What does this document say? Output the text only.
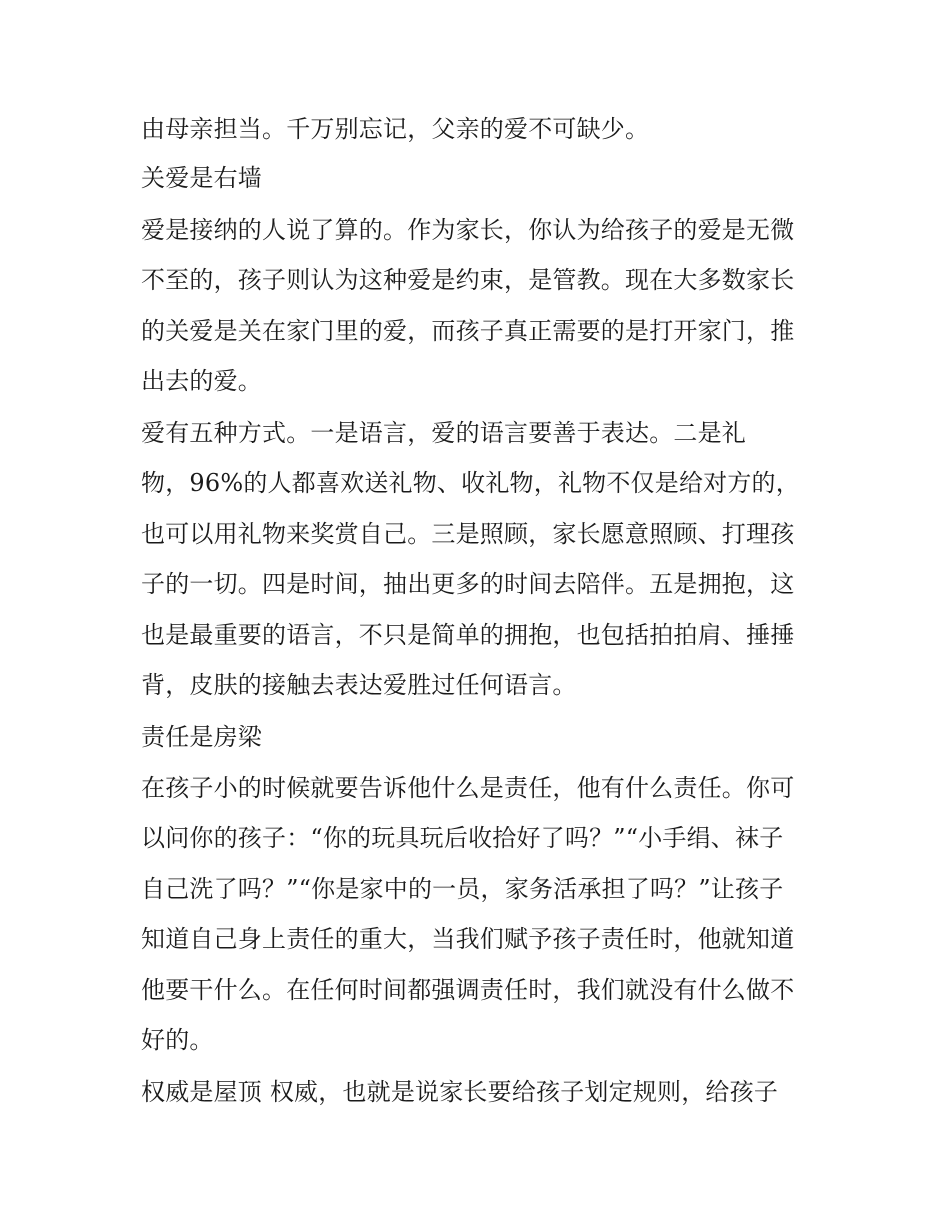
由母亲担当。千万别忘记，父亲的爱不可缺少。

关爱是右墙

爱是接纳的人说了算的。作为家长，你认为给孩子的爱是无微

不至的，孩子则认为这种爱是约束，是管教。现在大多数家长

的关爱是关在家门里的爱，而孩子真正需要的是打开家门，推

出去的爱。

爱有五种方式。一是语言，爱的语言要善于表达。二是礼

物，96%的人都喜欢送礼物、收礼物，礼物不仅是给对方的，

也可以用礼物来奖赏自己。三是照顾，家长愿意照顾、打理孩

子的一切。四是时间，抽出更多的时间去陪伴。五是拥抱，这

也是最重要的语言，不只是简单的拥抱，也包括拍拍肩、捶捶

背，皮肤的接触去表达爱胜过任何语言。

责任是房梁

在孩子小的时候就要告诉他什么是责任，他有什么责任。你可

以问你的孩子：“你的玩具玩后收拾好了吗？”“小手绢、袜子

自己洗了吗？”“你是家中的一员，家务活承担了吗？”让孩子

知道自己身上责任的重大，当我们赋予孩子责任时，他就知道

他要干什么。在任何时间都强调责任时，我们就没有什么做不

好的。

权威是屋顶 权威，也就是说家长要给孩子划定规则，给孩子
